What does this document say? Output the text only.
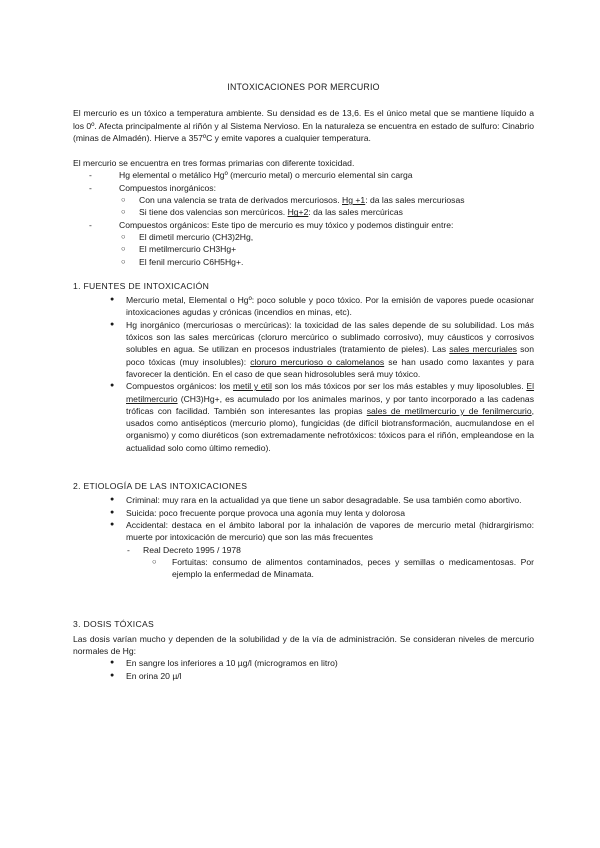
INTOXICACIONES POR MERCURIO

El mercurio es un tóxico a temperatura ambiente. Su densidad es de 13,6. Es el único metal que se mantiene líquido a los 0º. Afecta principalmente al riñón y al Sistema Nervioso. En la naturaleza se encuentra en estado de sulfuro: Cinabrio (minas de Almadén). Hierve a 357ºC y emite vapores a cualquier temperatura.

El mercurio se encuentra en tres formas primarias con diferente toxicidad.

- Hg elemental o metálico Hgº (mercurio metal) o mercurio elemental sin carga
- Compuestos inorgánicos:
○ Con una valencia se trata de derivados mercuriosos. Hg +1: da las sales mercuriosas
○ Si tiene dos valencias son mercúricos. Hg+2: da las sales mercúricas
- Compuestos orgánicos: Este tipo de mercurio es muy tóxico y podemos distinguir entre:
○ El dimetil mercurio (CH3)2Hg,
○ El metilmercurio CH3Hg+
○ El fenil mercurio C6H5Hg+.

1. FUENTES DE INTOXICACIÓN

● Mercurio metal, Elemental o Hgº: poco soluble y poco tóxico. Por la emisión de vapores puede ocasionar intoxicaciones agudas y crónicas (incendios en minas, etc).
● Hg inorgánico (mercuriosas o mercúricas): la toxicidad de las sales depende de su solubilidad. Los más tóxicos son las sales mercúricas (cloruro mercúrico o sublimado corrosivo), muy cáusticos y corrosivos solubles en agua. Se utilizan en procesos industriales (tratamiento de pieles). Las sales mercuriales son poco tóxicas (muy insolubles): cloruro mercurioso o calomelanos se han usado como laxantes y para favorecer la dentición. En el caso de que sean hidrosolubles será muy tóxico.
● Compuestos orgánicos: los metil y etil son los más tóxicos por ser los más estables y muy liposolubles. El metilmercurio (CH3)Hg+, es acumulado por los animales marinos, y por tanto incorporado a las cadenas tróficas con facilidad. También son interesantes las propias sales de metilmercurio y de fenilmercurio, usados como antisépticos (mercurio plomo), fungicidas (de difícil biotransformación, aucmulandose en el organismo) y como diuréticos (son extremadamente nefrotóxicos: tóxicos para el riñón, empleandose en la actualidad solo como último remedio).

2. ETIOLOGÍA DE LAS INTOXICACIONES

● Criminal: muy rara en la actualidad ya que tiene un sabor desagradable. Se usa también como abortivo.
● Suicida: poco frecuente porque provoca una agonía muy lenta y dolorosa
● Accidental: destaca en el ámbito laboral por la inhalación de vapores de mercurio metal (hidrargirismo: muerte por intoxicación de mercurio) que son las más frecuentes
- Real Decreto 1995 / 1978
○ Fortuitas: consumo de alimentos contaminados, peces y semillas o medicamentosas. Por ejemplo la enfermedad de Minamata.

3. DOSIS TÓXICAS

Las dosis varían mucho y dependen de la solubilidad y de la vía de administración. Se consideran niveles de mercurio normales de Hg:

● En sangre los inferiores a 10 µg/l (microgramos en litro)
● En orina 20 µ/l
